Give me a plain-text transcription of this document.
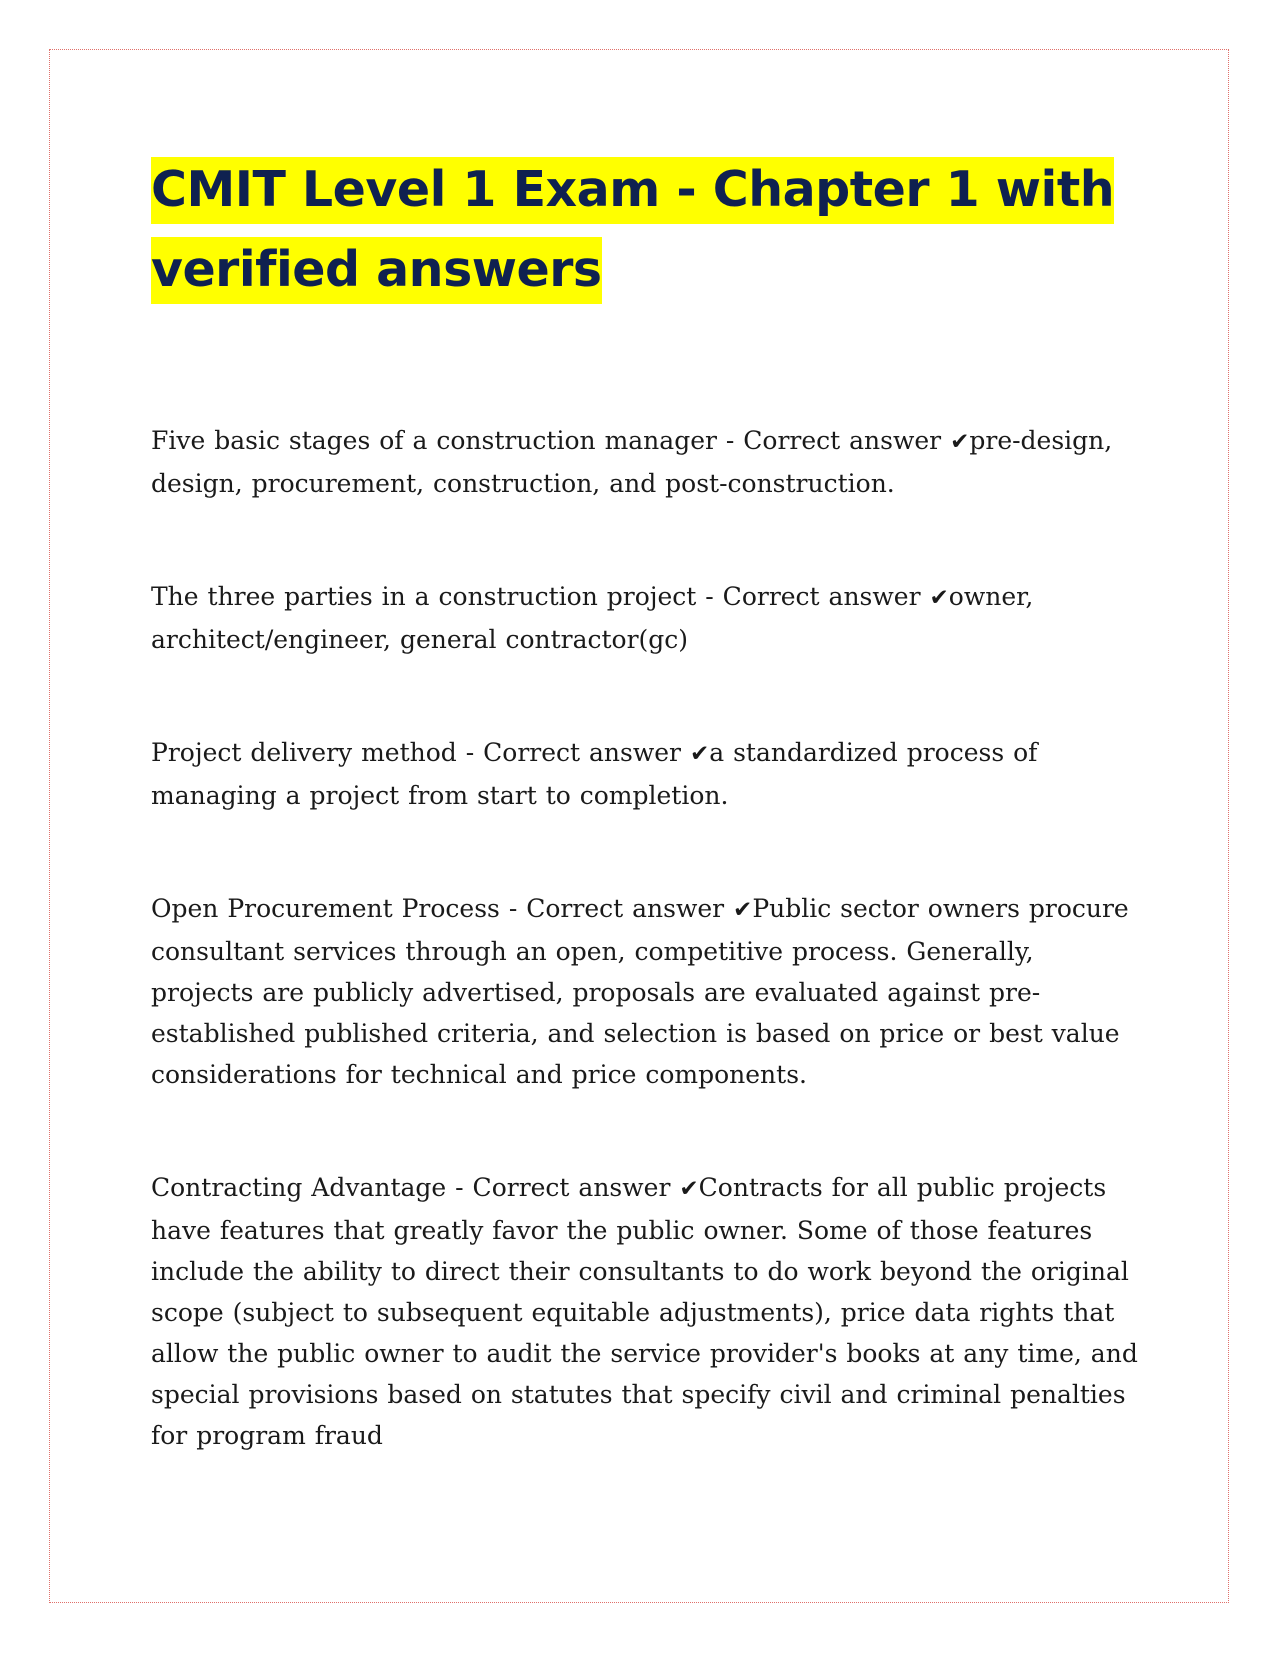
CMIT Level 1 Exam - Chapter 1 with verified answers

Five basic stages of a construction manager - Correct answer ✔pre-design, design, procurement, construction, and post-construction.

The three parties in a construction project - Correct answer ✔owner, architect/engineer, general contractor(gc)

Project delivery method - Correct answer ✔a standardized process of managing a project from start to completion.

Open Procurement Process - Correct answer ✔Public sector owners procure consultant services through an open, competitive process. Generally, projects are publicly advertised, proposals are evaluated against pre-established published criteria, and selection is based on price or best value considerations for technical and price components.

Contracting Advantage - Correct answer ✔Contracts for all public projects have features that greatly favor the public owner. Some of those features include the ability to direct their consultants to do work beyond the original scope (subject to subsequent equitable adjustments), price data rights that allow the public owner to audit the service provider's books at any time, and special provisions based on statutes that specify civil and criminal penalties for program fraud
